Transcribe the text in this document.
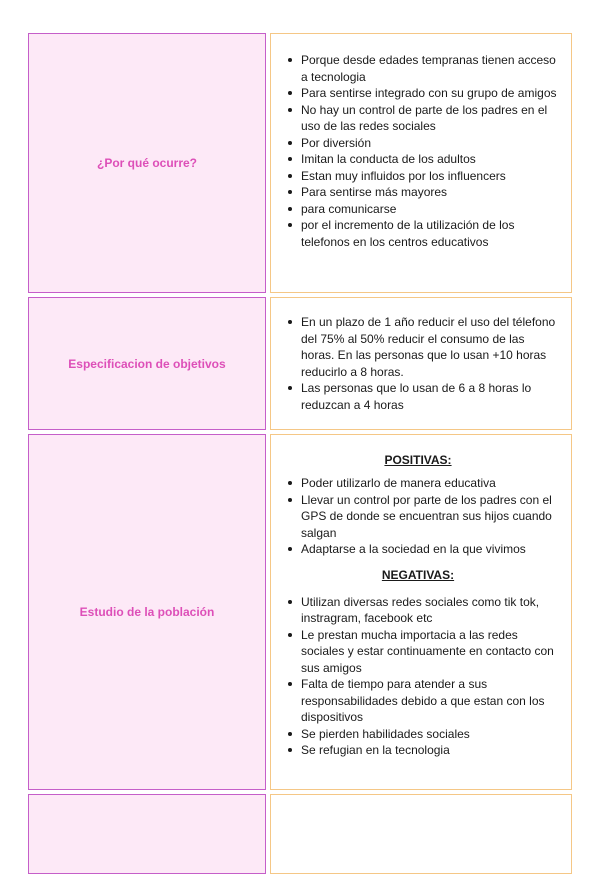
¿Por qué ocurre?
Porque desde edades tempranas tienen acceso a tecnologia
Para sentirse integrado con su grupo de amigos
No hay un control de parte de los padres en el uso de las redes sociales
Por diversión
Imitan la conducta de los adultos
Estan muy influidos por los influencers
Para sentirse más mayores
para comunicarse
por el incremento de la utilización de los telefonos en los centros educativos
Especificacion de objetivos
En un plazo de 1 año reducir el uso del télefono del 75% al 50% reducir el consumo de las horas. En las personas que lo usan +10 horas reducirlo a 8 horas.
Las personas que lo usan de 6 a 8 horas lo reduzcan a 4 horas
Estudio de la población
POSITIVAS:
Poder utilizarlo de manera educativa
Llevar un control por parte de los padres con el GPS de donde se encuentran sus hijos cuando salgan
Adaptarse a la sociedad en la que vivimos
NEGATIVAS:
Utilizan diversas redes sociales como tik tok, instragram, facebook etc
Le prestan mucha importacia a las redes sociales y estar continuamente en contacto con sus amigos
Falta de tiempo para atender a sus responsabilidades debido a que estan con los dispositivos
Se pierden habilidades sociales
Se refugian en la tecnologia
